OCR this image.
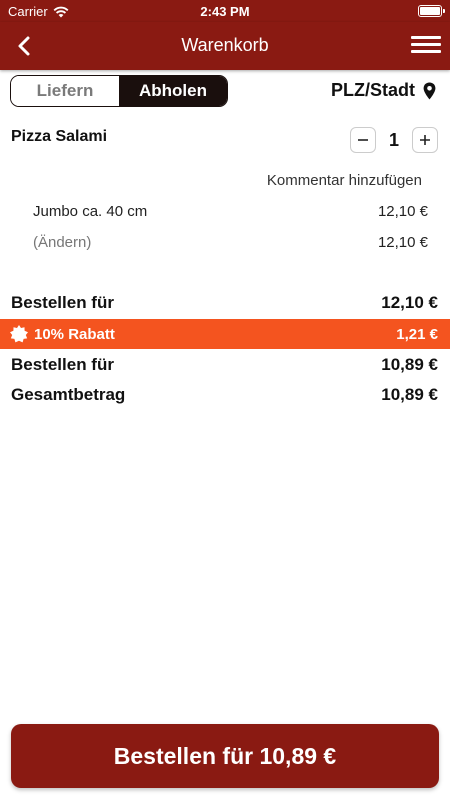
Carrier	2:43 PM
Warenkorb
Liefern	Abholen	PLZ/Stadt
Pizza Salami	1
Kommentar hinzufügen
Jumbo ca. 40 cm	12,10 €
(Ändern)	12,10 €
Bestellen für	12,10 €
10% Rabatt	1,21 €
Bestellen für	10,89 €
Gesamtbetrag	10,89 €
Bestellen für 10,89 €
